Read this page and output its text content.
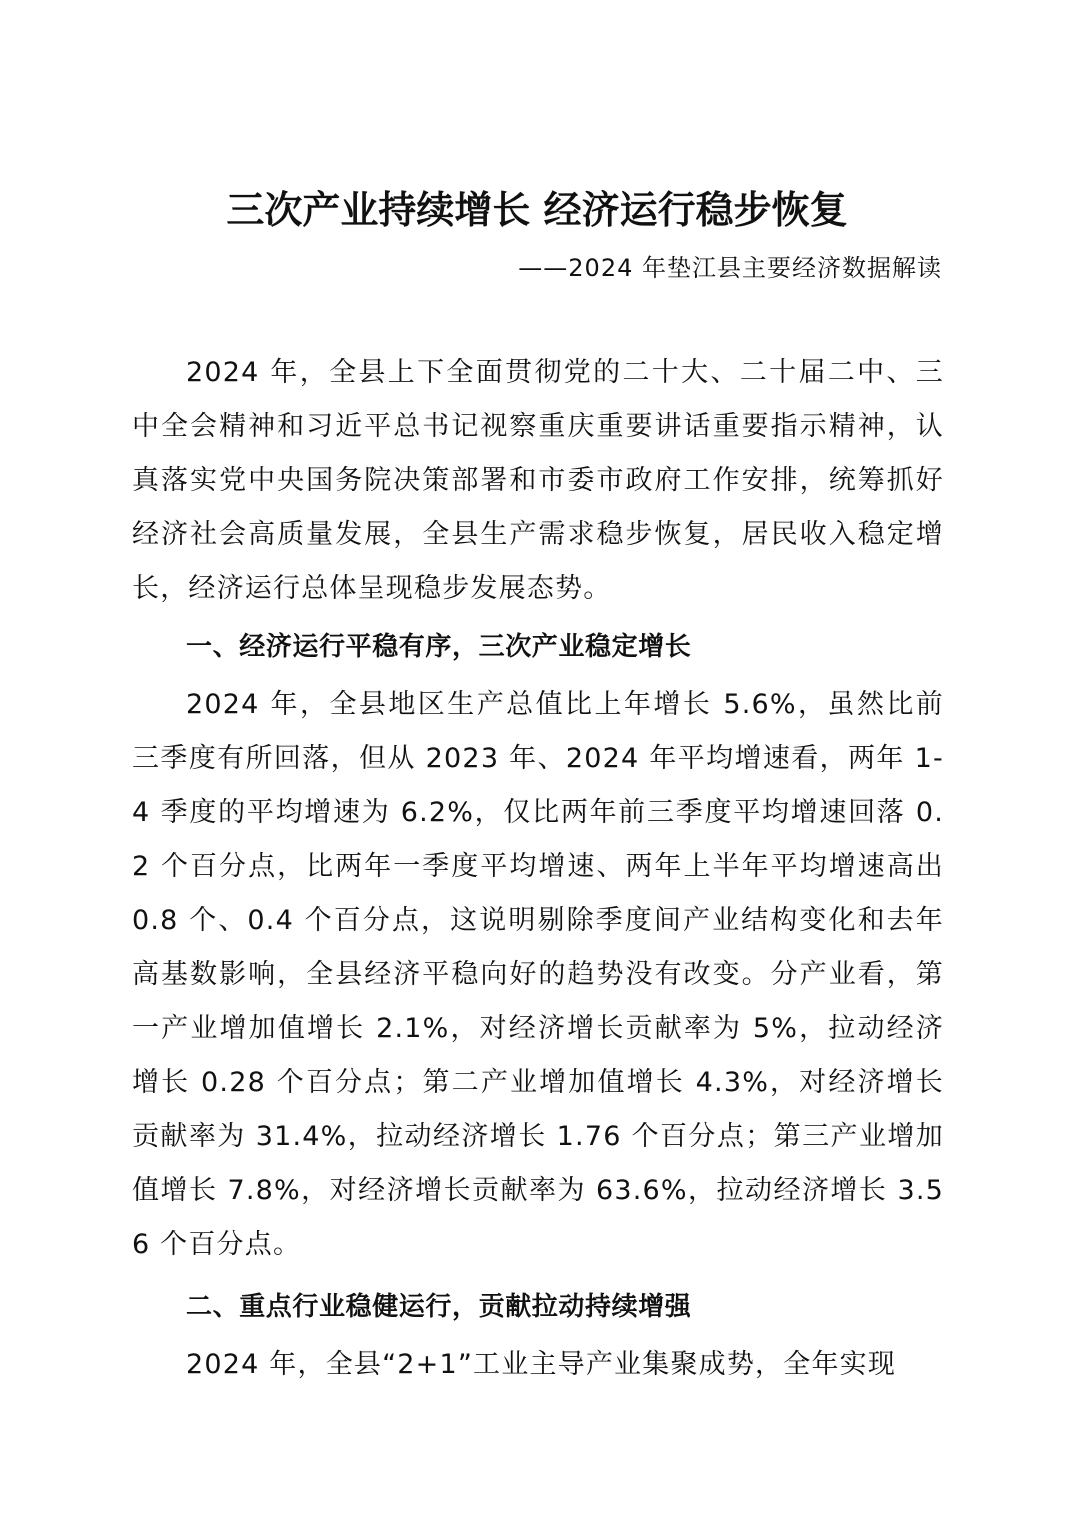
三次产业持续增长 经济运行稳步恢复
——2024 年垫江县主要经济数据解读

2024 年，全县上下全面贯彻党的二十大、二十届二中、三中全会精神和习近平总书记视察重庆重要讲话重要指示精神，认真落实党中央国务院决策部署和市委市政府工作安排，统筹抓好经济社会高质量发展，全县生产需求稳步恢复，居民收入稳定增长，经济运行总体呈现稳步发展态势。

一、经济运行平稳有序，三次产业稳定增长

2024 年，全县地区生产总值比上年增长 5.6%，虽然比前三季度有所回落，但从 2023 年、2024 年平均增速看，两年 1-4 季度的平均增速为 6.2%，仅比两年前三季度平均增速回落 0.2 个百分点，比两年一季度平均增速、两年上半年平均增速高出 0.8 个、0.4 个百分点，这说明剔除季度间产业结构变化和去年高基数影响，全县经济平稳向好的趋势没有改变。分产业看，第一产业增加值增长 2.1%，对经济增长贡献率为 5%，拉动经济增长 0.28 个百分点；第二产业增加值增长 4.3%，对经济增长贡献率为 31.4%，拉动经济增长 1.76 个百分点；第三产业增加值增长 7.8%，对经济增长贡献率为 63.6%，拉动经济增长 3.56 个百分点。

二、重点行业稳健运行，贡献拉动持续增强

2024 年，全县“2+1”工业主导产业集聚成势，全年实现
